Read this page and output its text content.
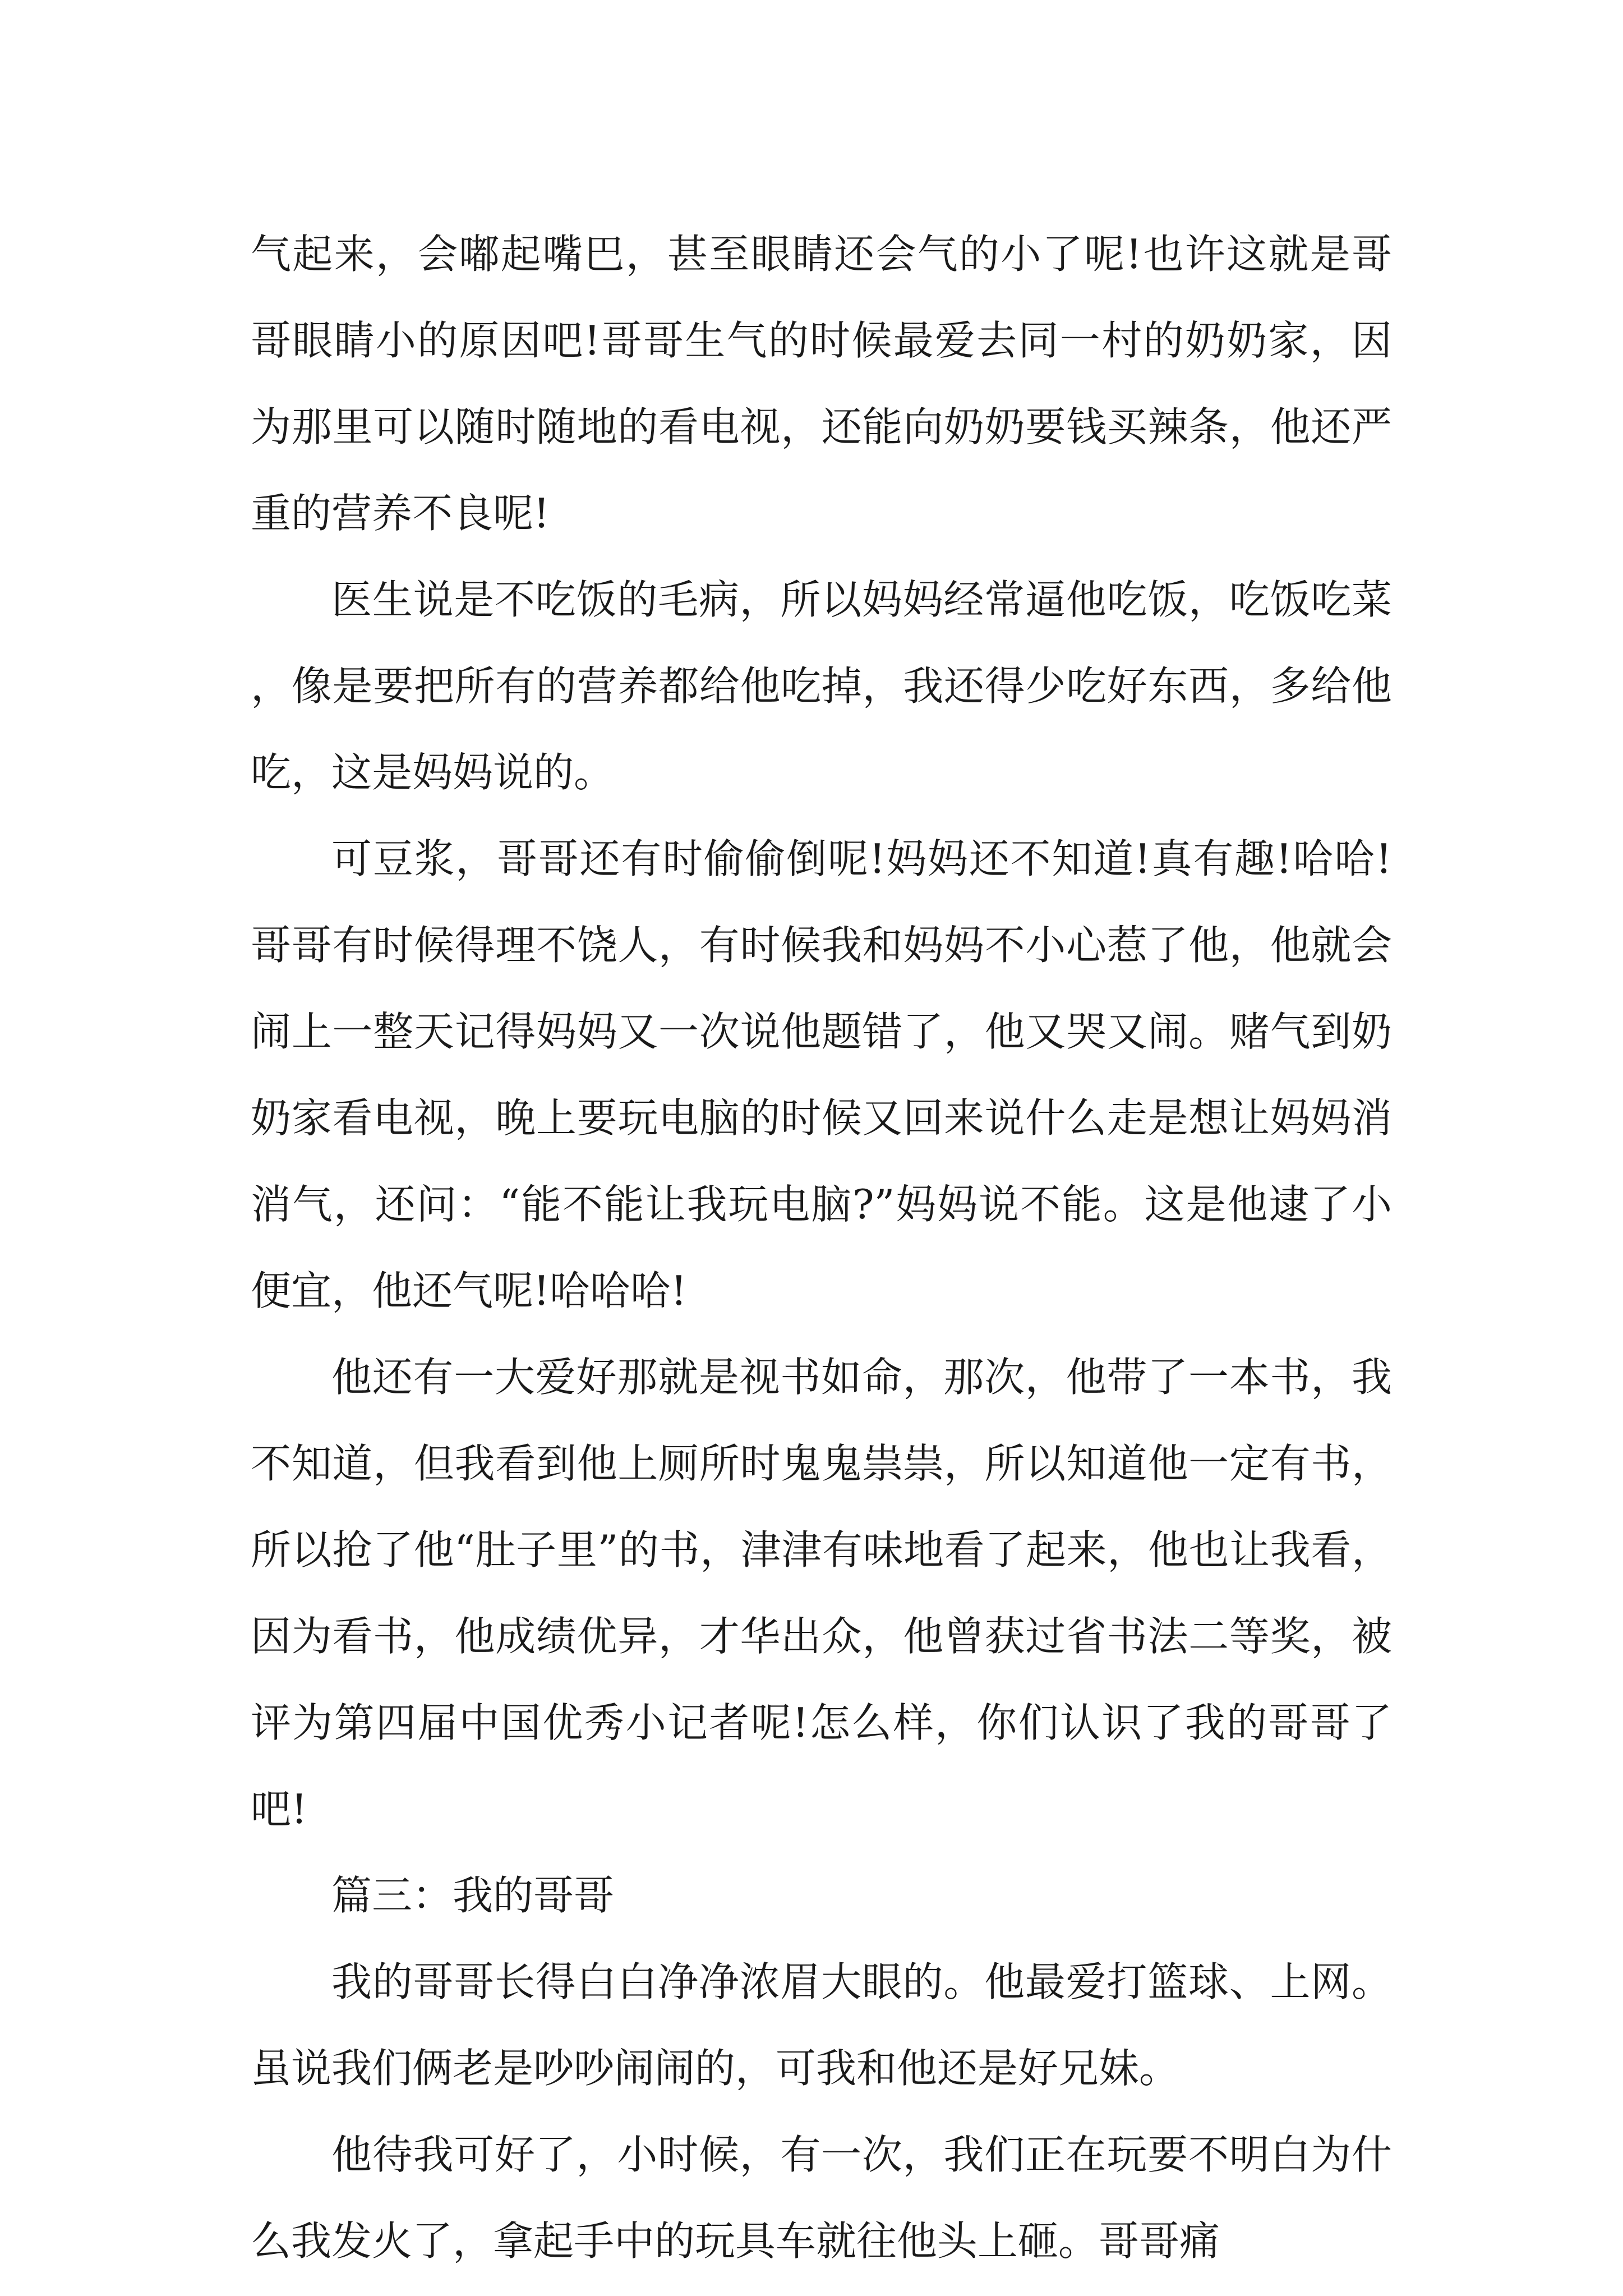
气起来，会嘟起嘴巴，甚至眼睛还会气的小了呢!也许这就是哥哥眼睛小的原因吧!哥哥生气的时候最爱去同一村的奶奶家，因为那里可以随时随地的看电视，还能向奶奶要钱买辣条，他还严重的营养不良呢!

医生说是不吃饭的毛病，所以妈妈经常逼他吃饭，吃饭吃菜，像是要把所有的营养都给他吃掉，我还得少吃好东西，多给他吃，这是妈妈说的。

可豆浆，哥哥还有时偷偷倒呢!妈妈还不知道!真有趣!哈哈!哥哥有时候得理不饶人，有时候我和妈妈不小心惹了他，他就会闹上一整天记得妈妈又一次说他题错了，他又哭又闹。赌气到奶奶家看电视，晚上要玩电脑的时候又回来说什么走是想让妈妈消消气，还问：“能不能让我玩电脑?”妈妈说不能。这是他逮了小便宜，他还气呢!哈哈哈!

他还有一大爱好那就是视书如命，那次，他带了一本书，我不知道，但我看到他上厕所时鬼鬼祟祟，所以知道他一定有书，所以抢了他“肚子里”的书，津津有味地看了起来，他也让我看，因为看书，他成绩优异，才华出众，他曾获过省书法二等奖，被评为第四届中国优秀小记者呢!怎么样，你们认识了我的哥哥了吧!

篇三：我的哥哥

我的哥哥长得白白净净浓眉大眼的。他最爱打篮球、上网。虽说我们俩老是吵吵闹闹的，可我和他还是好兄妹。

他待我可好了，小时候，有一次，我们正在玩要不明白为什么我发火了，拿起手中的玩具车就往他头上砸。哥哥痛
